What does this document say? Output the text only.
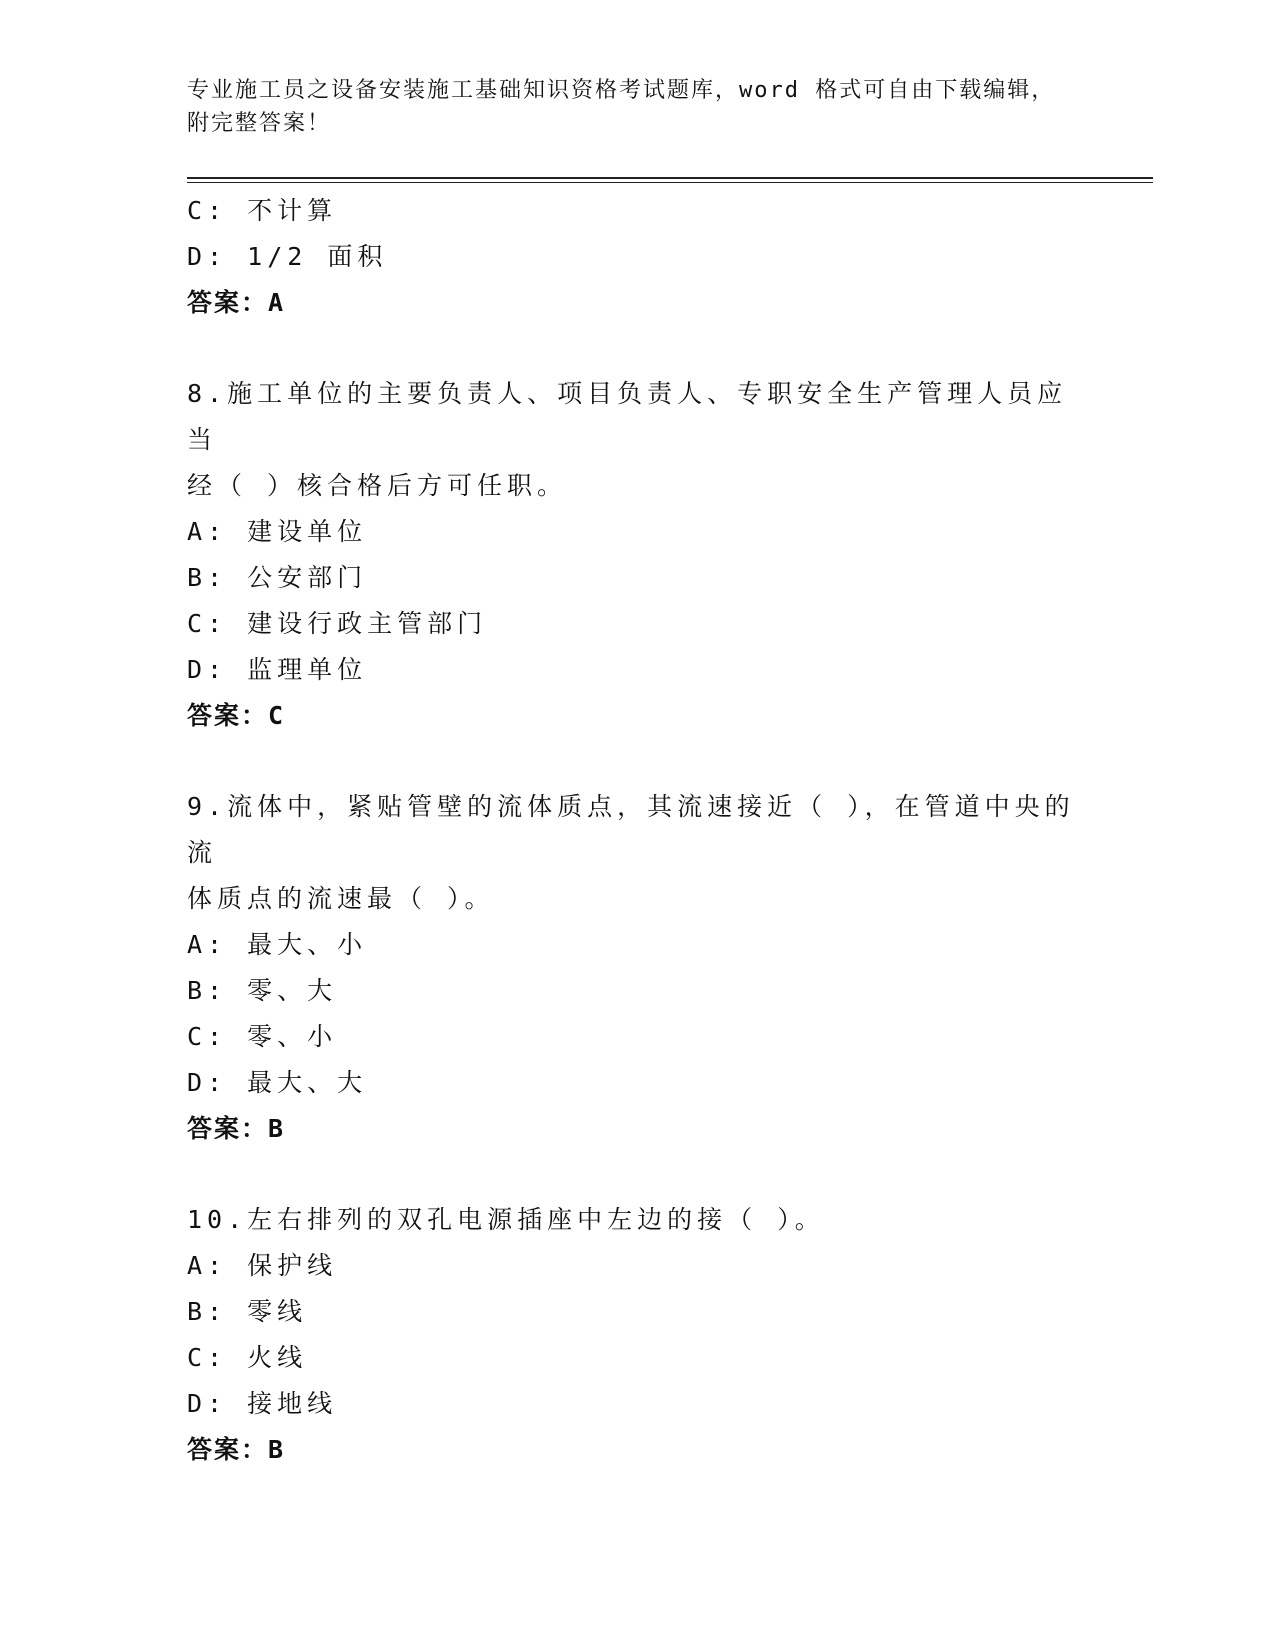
专业施工员之设备安装施工基础知识资格考试题库，word 格式可自由下载编辑，
附完整答案！
C: 不计算
D: 1/2 面积
答案：A
8.施工单位的主要负责人、项目负责人、专职安全生产管理人员应当
经（ ）核合格后方可任职。
A: 建设单位
B: 公安部门
C: 建设行政主管部门
D: 监理单位
答案：C
9.流体中，紧贴管壁的流体质点，其流速接近（ ），在管道中央的流
体质点的流速最（ ）。
A: 最大、小
B: 零、大
C: 零、小
D: 最大、大
答案：B
10.左右排列的双孔电源插座中左边的接（ ）。
A: 保护线
B: 零线
C: 火线
D: 接地线
答案：B
